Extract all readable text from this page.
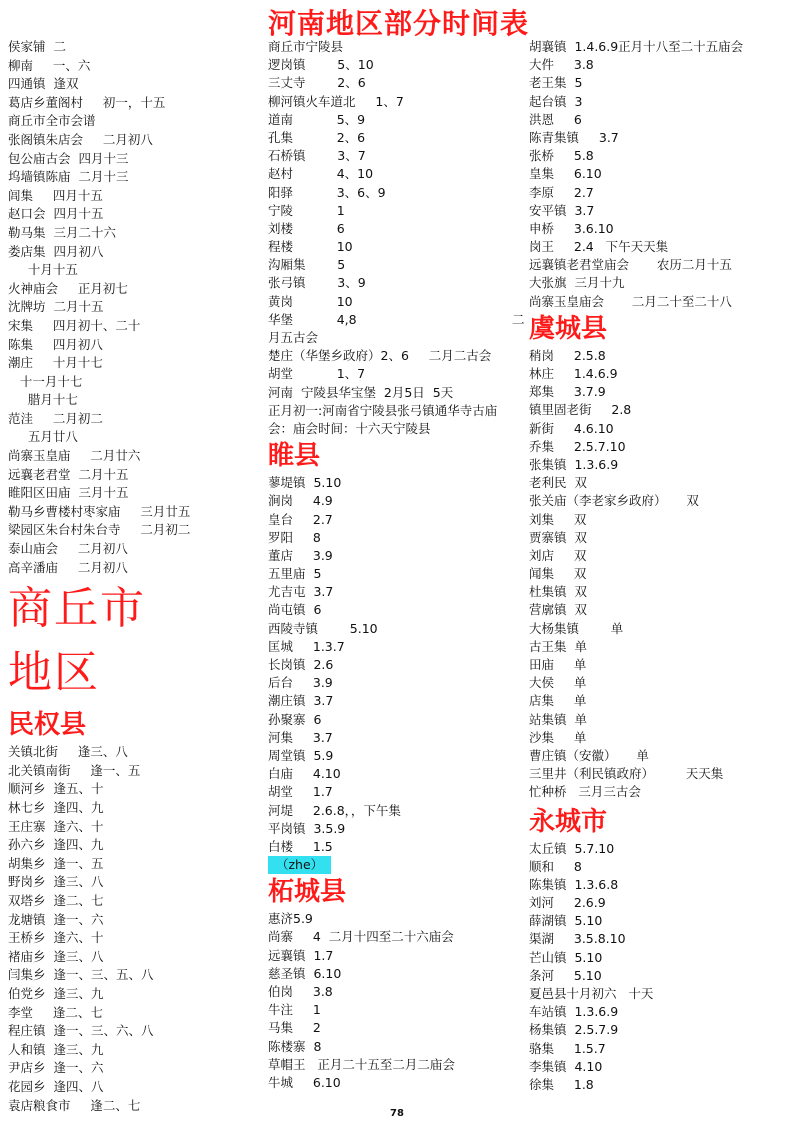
河南地区部分时间表
侯家铺  二
柳南     一、六
四通镇  逢双
葛店乡董阁村     初一，十五
商丘市全市会谱
张阁镇朱店会     二月初八
包公庙古会  四月十三
坞墙镇陈庙  二月十三
闾集     四月十五
赵口会  四月十五
勒马集  三月二十六
娄店集  四月初八
十月十五
火神庙会     正月初七
沈牌坊  二月十五
宋集     四月初十、二十
陈集     四月初八
潮庄     十月十七
十一月十七
腊月十七
范洼     二月初二
五月廿八
尚寨玉皇庙     二月廿六
远襄老君堂  二月十五
睢阳区田庙  三月十五
勒马乡曹楼村枣家庙     三月廿五
梁园区朱台村朱台寺     二月初二
泰山庙会     二月初八
高辛潘庙     二月初八
商丘市
地区
民权县
关镇北街     逢三、八
北关镇南街     逢一、五
顺河乡  逢五、十
林七乡  逢四、九
王庄寨  逢六、十
孙六乡  逢四、九
胡集乡  逢一、五
野岗乡  逢三、八
双塔乡  逢二、七
龙塘镇  逢一、六
王桥乡  逢六、十
褚庙乡  逢三、八
闫集乡  逢一、三、五、八
伯党乡  逢三、九
李堂     逢二、七
程庄镇  逢一、三、六、八
人和镇  逢三、九
尹店乡  逢一、六
花园乡  逢四、八
袁店粮食市     逢二、七
商丘市宁陵县
逻岗镇        5、10
三丈寺        2、6
柳河镇火车道北     1、7
道南           5、9
孔集           2、6
石桥镇        3、7
赵村           4、10
阳驿           3、6、9
宁陵           1
刘楼           6
程楼           10
沟厢集        5
张弓镇        3、9
黄岗           10
华堡           4,8
月五古会
楚庄（华堡乡政府）2、6     二月二古会
胡堂           1、7
河南  宁陵县华宝堡  2月5日  5天
正月初一:河南省宁陵县张弓镇通华寺古庙
会：庙会时间：十六天宁陵县
睢县
蓼堤镇  5.10
涧岗     4.9
皇台     2.7
罗阳     8
董店     3.9
五里庙  5
尤吉屯  3.7
尚屯镇  6
西陵寺镇        5.10
匡城     1.3.7
长岗镇  2.6
后台     3.9
潮庄镇  3.7
孙聚寨  6
河集     3.7
周堂镇  5.9
白庙     4.10
胡堂     1.7
河堤     2.6.8，，下午集
平岗镇  3.5.9
白楼     1.5
（zhe）
柘城县
惠济5.9
尚寨     4  二月十四至二十六庙会
远襄镇  1.7
慈圣镇  6.10
伯岗     3.8
牛注     1
马集     2
陈楼寨  8
草帽王   正月二十五至二月二庙会
牛城     6.10
胡襄镇  1.4.6.9正月十八至二十五庙会
大件     3.8
老王集  5
起台镇  3
洪恩     6
陈青集镇     3.7
张桥     5.8
皇集     6.10
李原     2.7
安平镇  3.7
申桥     3.6.10
岗王     2.4   下午天天集
远襄镇老君堂庙会       农历二月十五
大张旗  三月十九
尚寨玉皇庙会       二月二十至二十八
虞城县
稍岗     2.5.8
林庄     1.4.6.9
郑集     3.7.9
镇里固老街     2.8
新街     4.6.10
乔集     2.5.7.10
张集镇  1.3.6.9
老利民  双
张关庙（李老家乡政府）     双
刘集     双
贾寨镇  双
刘店     双
闻集     双
杜集镇  双
营廓镇  双
大杨集镇        单
古王集  单
田庙     单
大侯     单
店集     单
站集镇  单
沙集     单
曹庄镇（安徽）     单
三里井（利民镇政府）        天天集
忙种桥   三月三古会
永城市
太丘镇  5.7.10
顺和     8
陈集镇  1.3.6.8
刘河     2.6.9
薛湖镇  5.10
渠湖     3.5.8.10
芒山镇  5.10
条河     5.10
夏邑县十月初六   十天
车站镇  1.3.6.9
杨集镇  2.5.7.9
骆集     1.5.7
李集镇  4.10
徐集     1.8
二
78
